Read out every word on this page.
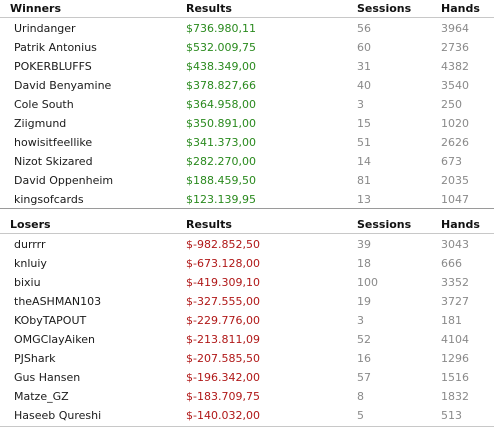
Winners	Results	Sessions	Hands
Urindanger	$736.980,11	56	3964
Patrik Antonius	$532.009,75	60	2736
POKERBLUFFS	$438.349,00	31	4382
David Benyamine	$378.827,66	40	3540
Cole South	$364.958,00	3	250
Ziigmund	$350.891,00	15	1020
howisitfeellike	$341.373,00	51	2626
Nizot Skizared	$282.270,00	14	673
David Oppenheim	$188.459,50	81	2035
kingsofcards	$123.139,95	13	1047
Losers	Results	Sessions	Hands
durrrr	$-982.852,50	39	3043
knluiy	$-673.128,00	18	666
bixiu	$-419.309,10	100	3352
theASHMAN103	$-327.555,00	19	3727
KObyTAPOUT	$-229.776,00	3	181
OMGClayAiken	$-213.811,09	52	4104
PJShark	$-207.585,50	16	1296
Gus Hansen	$-196.342,00	57	1516
Matze_GZ	$-183.709,75	8	1832
Haseeb Qureshi	$-140.032,00	5	513
